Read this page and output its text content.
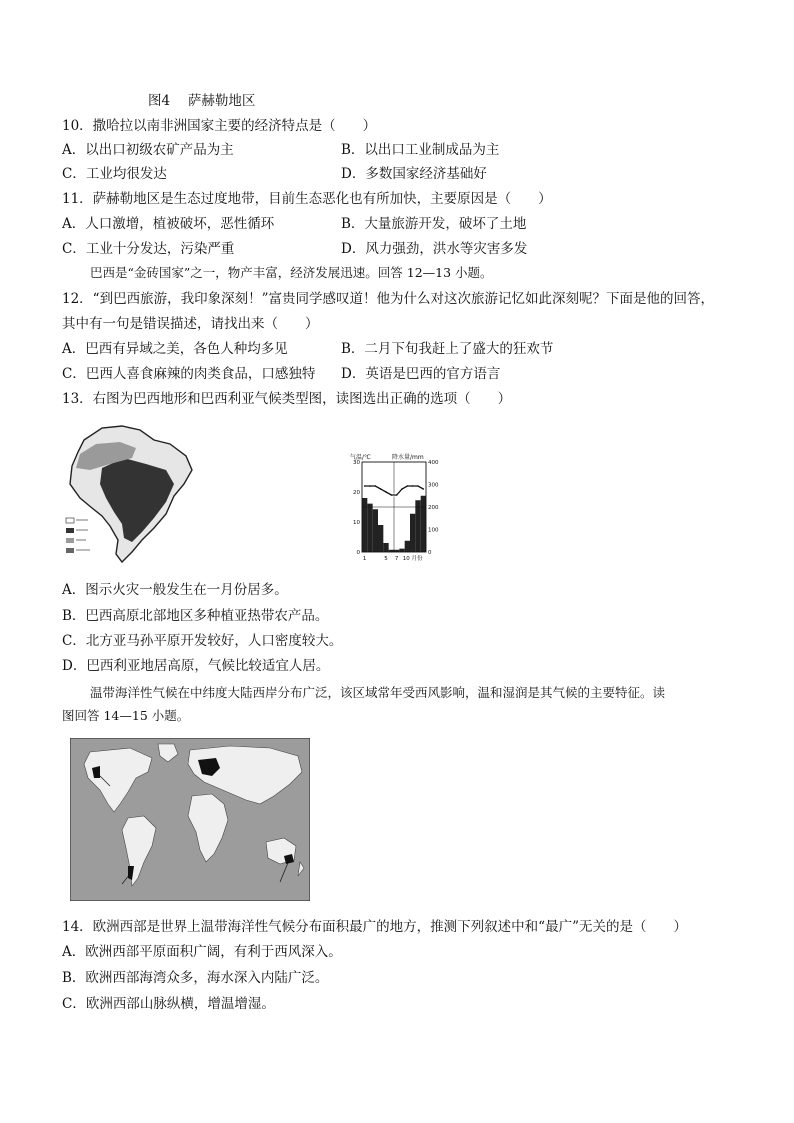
图4　 萨赫勒地区
10．撒哈拉以南非洲国家主要的经济特点是（　　）
A．以出口初级农矿产品为主	B．以出口工业制成品为主
C．工业均很发达	D．多数国家经济基础好
11．萨赫勒地区是生态过度地带，目前生态恶化也有所加快，主要原因是（　　）
A．人口激增，植被破坏，恶性循环	B．大量旅游开发，破坏了土地
C．工业十分发达，污染严重	D．风力强劲，洪水等灾害多发
巴西是“金砖国家”之一，物产丰富，经济发展迅速。回答 12—13 小题。
12．“到巴西旅游，我印象深刻！”富贵同学感叹道！他为什么对这次旅游记忆如此深刻呢？下面是他的回答，
其中有一句是错误描述，请找出来（　　）
A．巴西有异域之美，各色人种均多见	B．二月下旬我赶上了盛大的狂欢节
C．巴西人喜食麻辣的肉类食品，口感独特 D．英语是巴西的官方语言
13．右图为巴西地形和巴西利亚气候类型图，读图选出正确的选项（　　）
气温/℃	降水量/mm
30
20
10
0
400
300
200
100
0
1	5 7 10 月份
A．图示火灾一般发生在一月份居多。
B．巴西高原北部地区多种植亚热带农产品。
C．北方亚马孙平原开发较好，人口密度较大。
D．巴西利亚地居高原，气候比较适宜人居。
温带海洋性气候在中纬度大陆西岸分布广泛，该区域常年受西风影响，温和湿润是其气候的主要特征。读
图回答 14—15 小题。
14．欧洲西部是世界上温带海洋性气候分布面积最广的地方，推测下列叙述中和“最广”无关的是（　　）
A．欧洲西部平原面积广阔，有利于西风深入。
B．欧洲西部海湾众多，海水深入内陆广泛。
C．欧洲西部山脉纵横，增温增湿。
